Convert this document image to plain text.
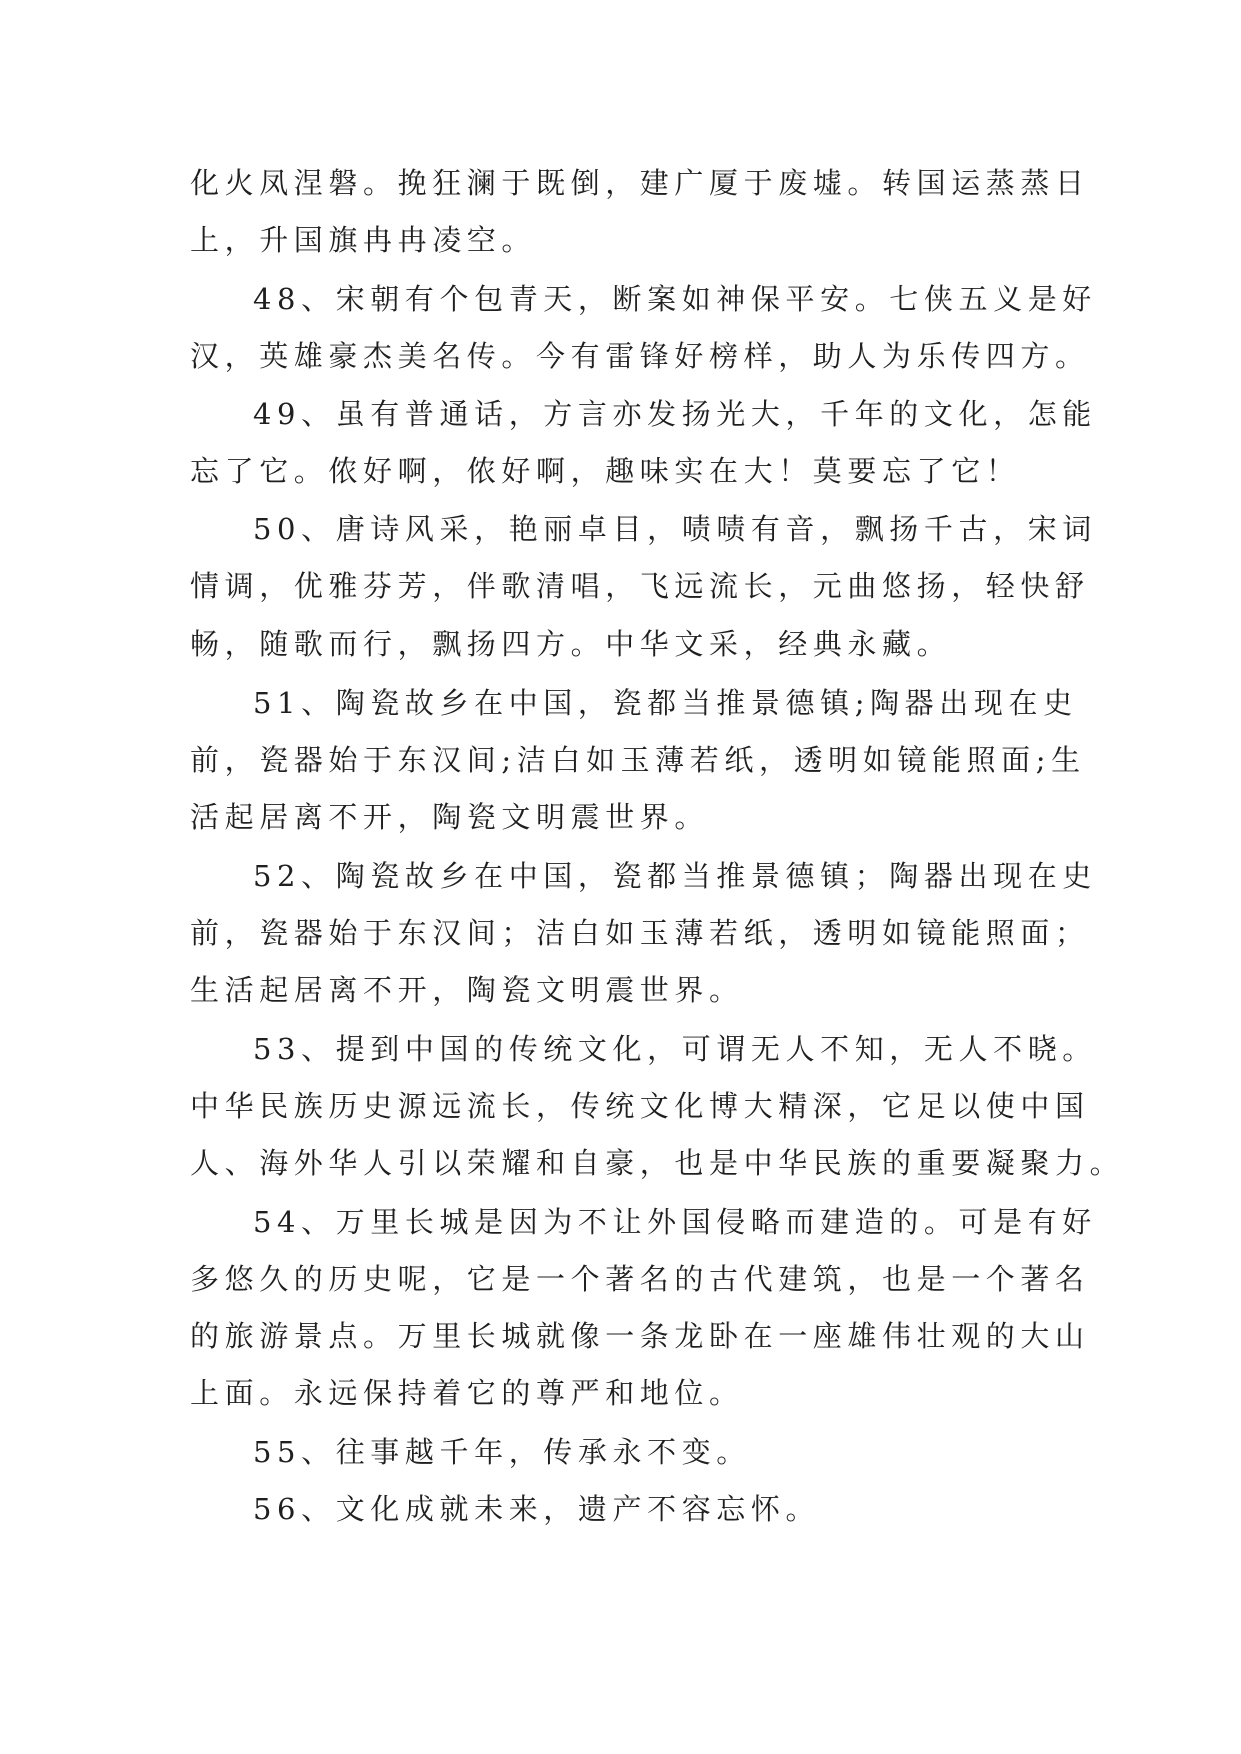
化火凤涅磐。挽狂澜于既倒，建广厦于废墟。转国运蒸蒸日

上，升国旗冉冉凌空。

48、宋朝有个包青天，断案如神保平安。七侠五义是好

汉，英雄豪杰美名传。今有雷锋好榜样，助人为乐传四方。

49、虽有普通话，方言亦发扬光大，千年的文化，怎能

忘了它。侬好啊，侬好啊，趣味实在大！莫要忘了它！

50、唐诗风采，艳丽卓目，啧啧有音，飘扬千古，宋词

情调，优雅芬芳，伴歌清唱，飞远流长，元曲悠扬，轻快舒

畅，随歌而行，飘扬四方。中华文采，经典永藏。

51、陶瓷故乡在中国，瓷都当推景德镇;陶器出现在史

前，瓷器始于东汉间;洁白如玉薄若纸，透明如镜能照面;生

活起居离不开，陶瓷文明震世界。

52、陶瓷故乡在中国，瓷都当推景德镇；陶器出现在史

前，瓷器始于东汉间；洁白如玉薄若纸，透明如镜能照面；

生活起居离不开，陶瓷文明震世界。

53、提到中国的传统文化，可谓无人不知，无人不晓。

中华民族历史源远流长，传统文化博大精深，它足以使中国

人、海外华人引以荣耀和自豪，也是中华民族的重要凝聚力。

54、万里长城是因为不让外国侵略而建造的。可是有好

多悠久的历史呢，它是一个著名的古代建筑，也是一个著名

的旅游景点。万里长城就像一条龙卧在一座雄伟壮观的大山

上面。永远保持着它的尊严和地位。

55、往事越千年，传承永不变。

56、文化成就未来，遗产不容忘怀。
